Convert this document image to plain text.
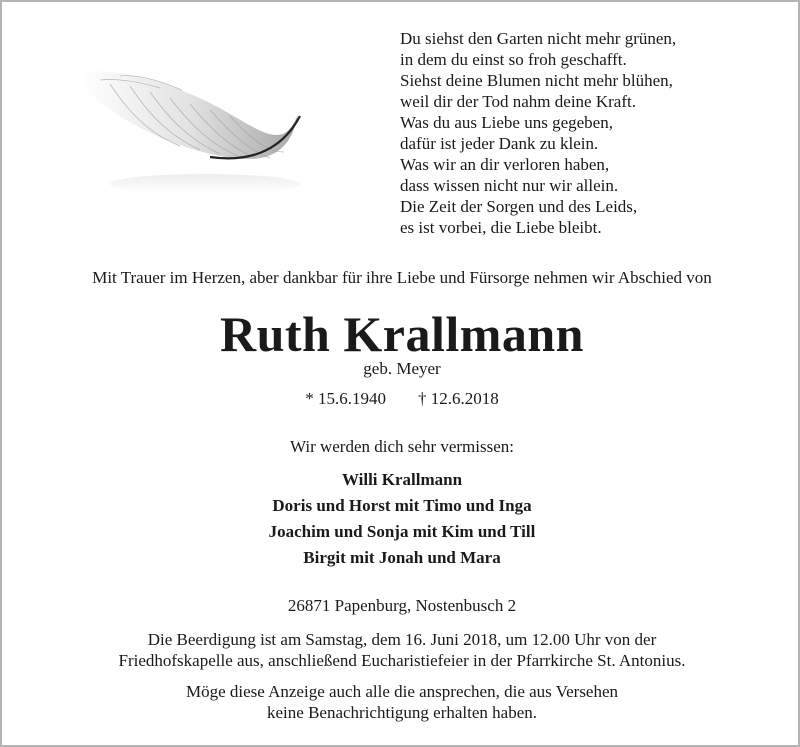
Du siehst den Garten nicht mehr grünen,
in dem du einst so froh geschafft.
Siehst deine Blumen nicht mehr blühen,
weil dir der Tod nahm deine Kraft.
Was du aus Liebe uns gegeben,
dafür ist jeder Dank zu klein.
Was wir an dir verloren haben,
dass wissen nicht nur wir allein.
Die Zeit der Sorgen und des Leids,
es ist vorbei, die Liebe bleibt.
Mit Trauer im Herzen, aber dankbar für ihre Liebe und Fürsorge nehmen wir Abschied von
Ruth Krallmann
geb. Meyer
* 15.6.1940 † 12.6.2018
Wir werden dich sehr vermissen:
Willi Krallmann
Doris und Horst mit Timo und Inga
Joachim und Sonja mit Kim und Till
Birgit mit Jonah und Mara
26871 Papenburg, Nostenbusch 2
Die Beerdigung ist am Samstag, dem 16. Juni 2018, um 12.00 Uhr von der
Friedhofskapelle aus, anschließend Eucharistiefeier in der Pfarrkirche St. Antonius.
Möge diese Anzeige auch alle die ansprechen, die aus Versehen
keine Benachrichtigung erhalten haben.
